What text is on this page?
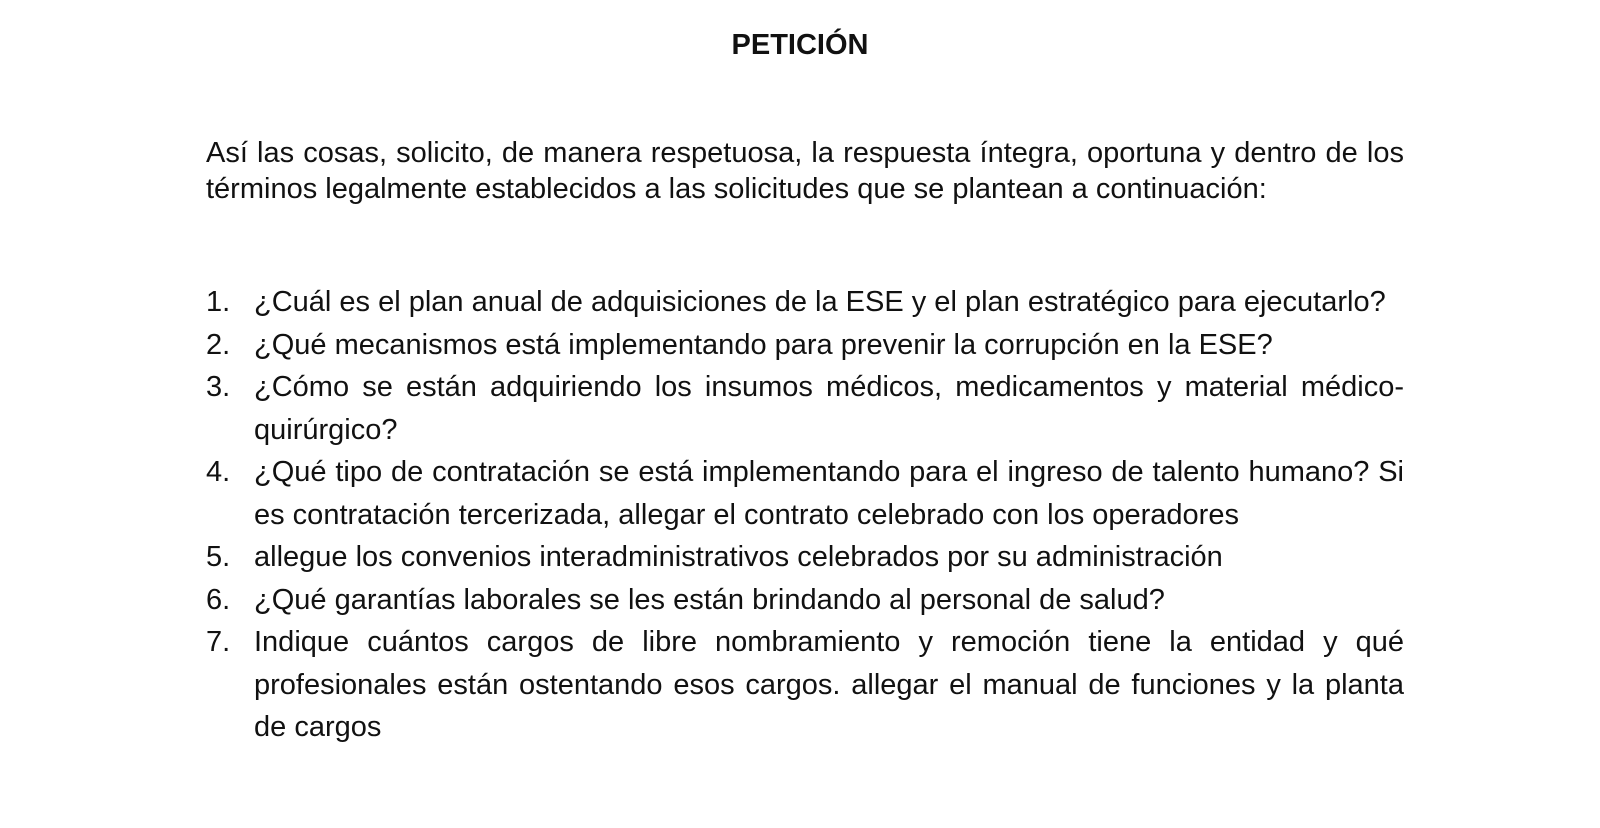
PETICIÓN

Así las cosas, solicito, de manera respetuosa, la respuesta íntegra, oportuna y dentro de los términos legalmente establecidos a las solicitudes que se plantean a continuación:

1. ¿Cuál es el plan anual de adquisiciones de la ESE y el plan estratégico para ejecutarlo?
2. ¿Qué mecanismos está implementando para prevenir la corrupción en la ESE?
3. ¿Cómo se están adquiriendo los insumos médicos, medicamentos y material médico-quirúrgico?
4. ¿Qué tipo de contratación se está implementando para el ingreso de talento humano? Si es contratación tercerizada, allegar el contrato celebrado con los operadores
5. allegue los convenios interadministrativos celebrados por su administración
6. ¿Qué garantías laborales se les están brindando al personal de salud?
7. Indique cuántos cargos de libre nombramiento y remoción tiene la entidad y qué profesionales están ostentando esos cargos. allegar el manual de funciones y la planta de cargos
